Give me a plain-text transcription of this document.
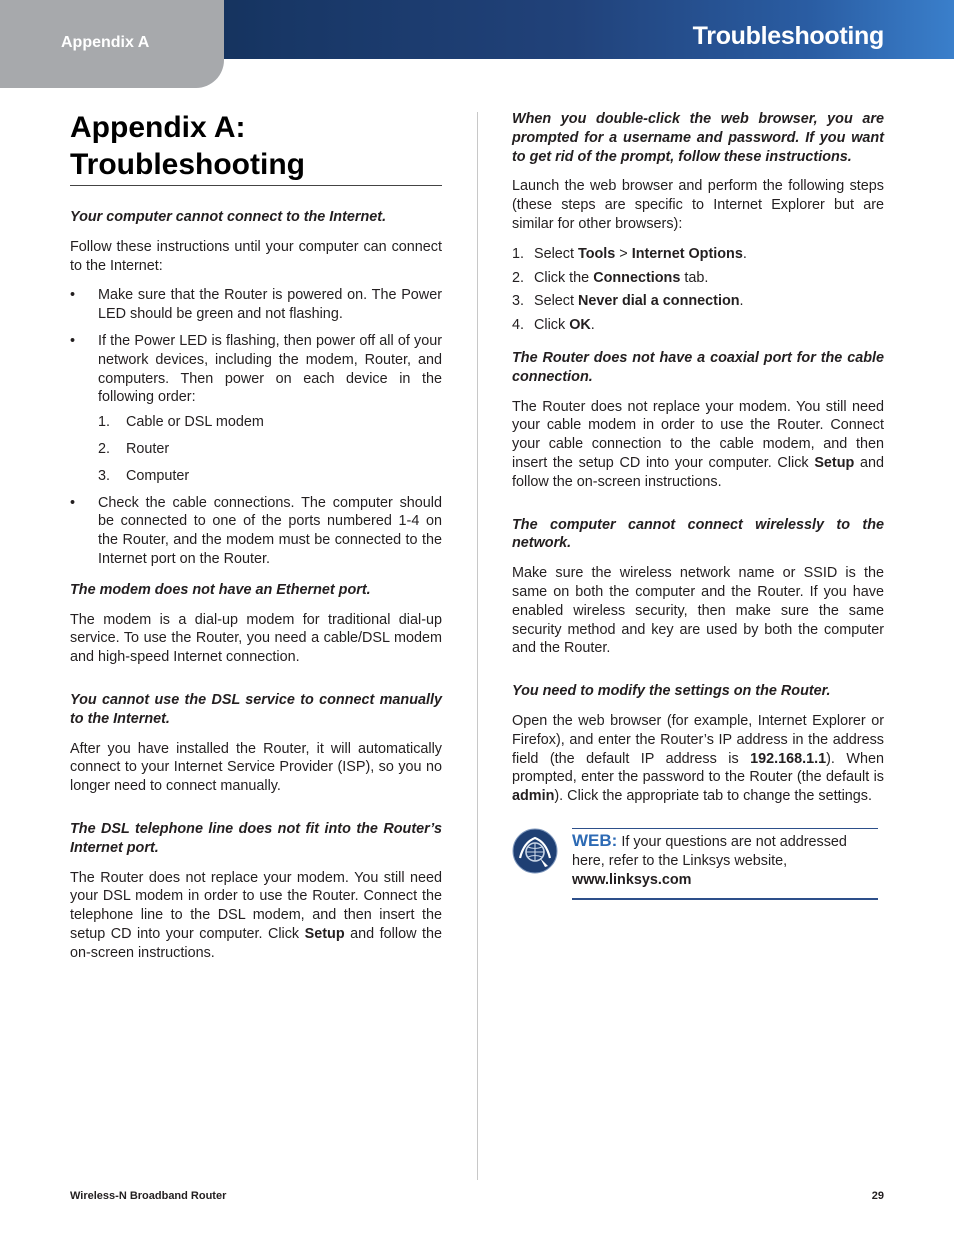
Appendix A	Troubleshooting
Appendix A:
Troubleshooting
Your computer cannot connect to the Internet.
Follow these instructions until your computer can connect to the Internet:
• Make sure that the Router is powered on. The Power LED should be green and not flashing.
• If the Power LED is flashing, then power off all of your network devices, including the modem, Router, and computers. Then power on each device in the following order:
1. Cable or DSL modem
2. Router
3. Computer
• Check the cable connections. The computer should be connected to one of the ports numbered 1-4 on the Router, and the modem must be connected to the Internet port on the Router.
The modem does not have an Ethernet port.
The modem is a dial-up modem for traditional dial-up service. To use the Router, you need a cable/DSL modem and high-speed Internet connection.
You cannot use the DSL service to connect manually to the Internet.
After you have installed the Router, it will automatically connect to your Internet Service Provider (ISP), so you no longer need to connect manually.
The DSL telephone line does not fit into the Router’s Internet port.
The Router does not replace your modem. You still need your DSL modem in order to use the Router. Connect the telephone line to the DSL modem, and then insert the setup CD into your computer. Click Setup and follow the on-screen instructions.
When you double-click the web browser, you are prompted for a username and password. If you want to get rid of the prompt, follow these instructions.
Launch the web browser and perform the following steps (these steps are specific to Internet Explorer but are similar for other browsers):
1. Select Tools > Internet Options.
2. Click the Connections tab.
3. Select Never dial a connection.
4. Click OK.
The Router does not have a coaxial port for the cable connection.
The Router does not replace your modem. You still need your cable modem in order to use the Router. Connect your cable connection to the cable modem, and then insert the setup CD into your computer. Click Setup and follow the on-screen instructions.
The computer cannot connect wirelessly to the network.
Make sure the wireless network name or SSID is the same on both the computer and the Router. If you have enabled wireless security, then make sure the same security method and key are used by both the computer and the Router.
You need to modify the settings on the Router.
Open the web browser (for example, Internet Explorer or Firefox), and enter the Router’s IP address in the address field (the default IP address is 192.168.1.1). When prompted, enter the password to the Router (the default is admin). Click the appropriate tab to change the settings.
WEB: If your questions are not addressed here, refer to the Linksys website, www.linksys.com
Wireless-N Broadband Router	29
